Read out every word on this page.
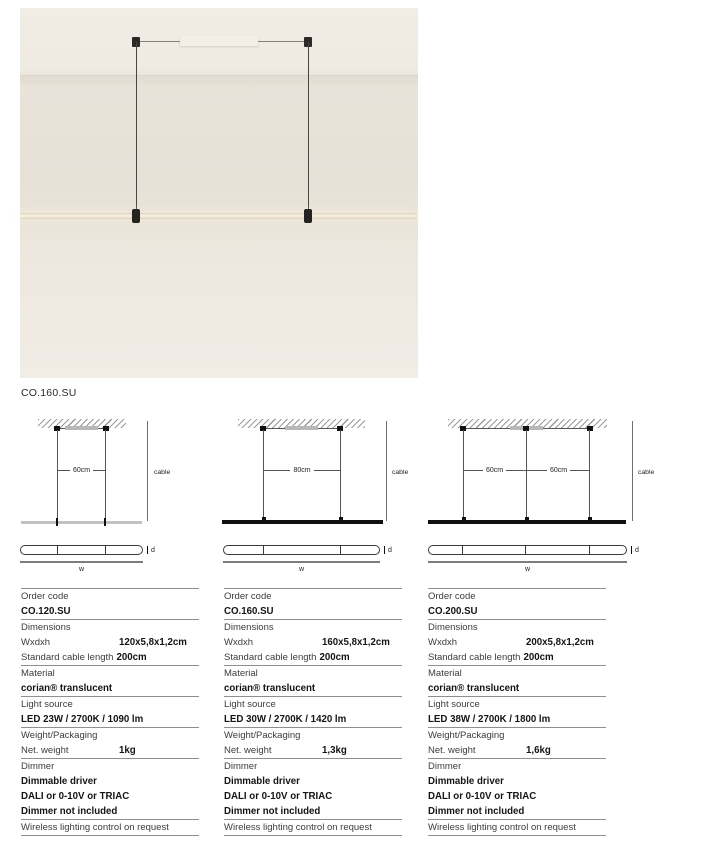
CO.160.SU
60cm	cable
d
w
80cm	cable
d
w
60cm	60cm	cable
d
w
Order code
CO.120.SU
Dimensions
Wxdxh	120x5,8x1,2cm
Standard cable length 200cm
Material
corian® translucent
Light source
LED 23W / 2700K / 1090 lm
Weight/Packaging
Net. weight	1kg
Dimmer
Dimmable driver
DALI or 0-10V or TRIAC
Dimmer not included
Wireless lighting control on request
Order code
CO.160.SU
Dimensions
Wxdxh	160x5,8x1,2cm
Standard cable length 200cm
Material
corian® translucent
Light source
LED 30W / 2700K / 1420 lm
Weight/Packaging
Net. weight	1,3kg
Dimmer
Dimmable driver
DALI or 0-10V or TRIAC
Dimmer not included
Wireless lighting control on request
Order code
CO.200.SU
Dimensions
Wxdxh	200x5,8x1,2cm
Standard cable length 200cm
Material
corian® translucent
Light source
LED 38W / 2700K / 1800 lm
Weight/Packaging
Net. weight	1,6kg
Dimmer
Dimmable driver
DALI or 0-10V or TRIAC
Dimmer not included
Wireless lighting control on request
